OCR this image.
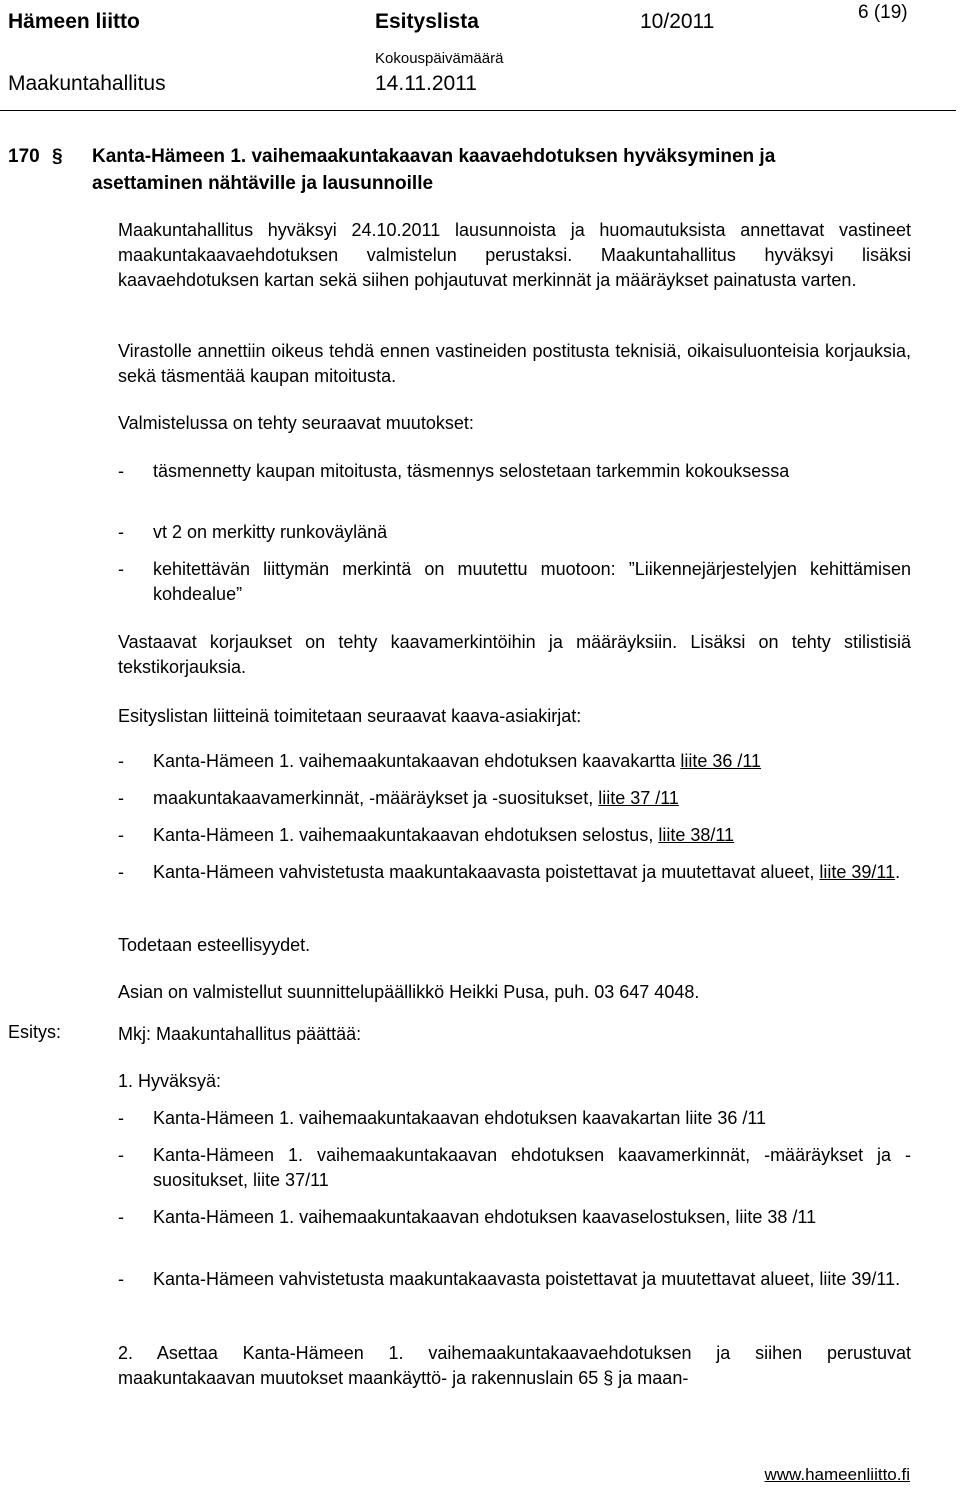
Hämeen liitto	Esityslista	10/2011	6 (19)
Kokouspäivämäärä
Maakuntahallitus	14.11.2011
170 § Kanta-Hämeen 1. vaihemaakuntakaavan kaavaehdotuksen hyväksyminen ja
asettaminen nähtäville ja lausunnoille

Maakuntahallitus hyväksyi 24.10.2011 lausunnoista ja huomautuksista annettavat vastineet maakuntakaavaehdotuksen valmistelun perustaksi. Maakuntahallitus hyväksyi lisäksi kaavaehdotuksen kartan sekä siihen pohjautuvat merkinnät ja määräykset painatusta varten.

Virastolle annettiin oikeus tehdä ennen vastineiden postitusta teknisiä, oikaisuluonteisia korjauksia, sekä täsmentää kaupan mitoitusta.

Valmistelussa on tehty seuraavat muutokset:

- täsmennetty kaupan mitoitusta, täsmennys selostetaan tarkemmin kokouksessa
- vt 2 on merkitty runkoväylänä
- kehitettävän liittymän merkintä on muutettu muotoon: ”Liikennejärjestelyjen kehittämisen kohdealue”

Vastaavat korjaukset on tehty kaavamerkintöihin ja määräyksiin. Lisäksi on tehty stilistisiä tekstikorjauksia.

Esityslistan liitteinä toimitetaan seuraavat kaava-asiakirjat:

- Kanta-Hämeen 1. vaihemaakuntakaavan ehdotuksen kaavakartta liite 36 /11
- maakuntakaavamerkinnät, -määräykset ja -suositukset, liite 37 /11
- Kanta-Hämeen 1. vaihemaakuntakaavan ehdotuksen selostus, liite 38/11
- Kanta-Hämeen vahvistetusta maakuntakaavasta poistettavat ja muutettavat alueet, liite 39/11.

Todetaan esteellisyydet.

Asian on valmistellut suunnittelupäällikkö Heikki Pusa, puh. 03 647 4048.

Esitys:	Mkj: Maakuntahallitus päättää:

1. Hyväksyä:

- Kanta-Hämeen 1. vaihemaakuntakaavan ehdotuksen kaavakartan liite 36 /11
- Kanta-Hämeen 1. vaihemaakuntakaavan ehdotuksen kaavamerkinnät, -määräykset ja -suositukset, liite 37/11
- Kanta-Hämeen 1. vaihemaakuntakaavan ehdotuksen kaavaselostuksen, liite 38 /11
- Kanta-Hämeen vahvistetusta maakuntakaavasta poistettavat ja muutettavat alueet, liite 39/11.

2. Asettaa Kanta-Hämeen 1. vaihemaakuntakaavaehdotuksen ja siihen perustuvat maakuntakaavan muutokset maankäyttö- ja rakennuslain 65 § ja maan-

www.hameenliitto.fi
